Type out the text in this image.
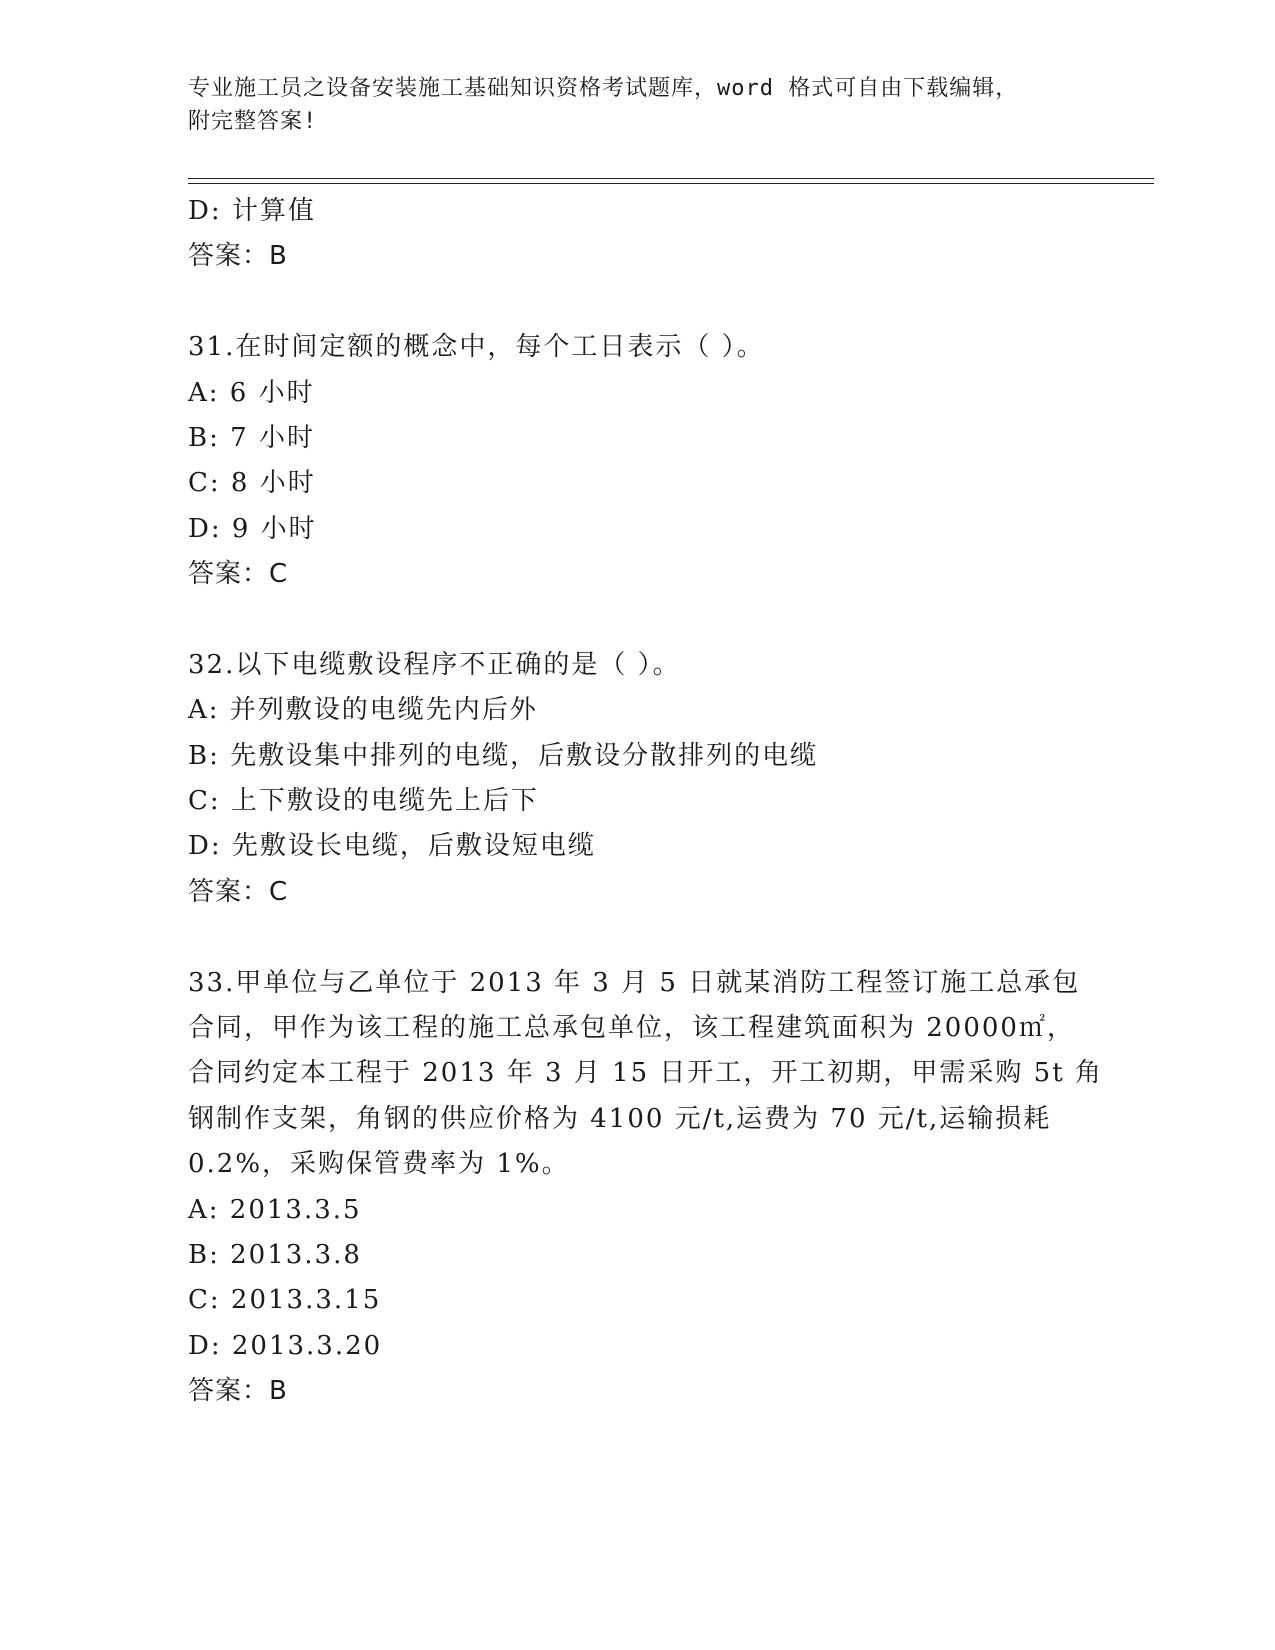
专业施工员之设备安装施工基础知识资格考试题库，word 格式可自由下载编辑，
附完整答案!
D: 计算值
答案：B
31.在时间定额的概念中，每个工日表示（ ）。
A: 6 小时
B: 7 小时
C: 8 小时
D: 9 小时
答案：C
32.以下电缆敷设程序不正确的是（ ）。
A: 并列敷设的电缆先内后外
B: 先敷设集中排列的电缆，后敷设分散排列的电缆
C: 上下敷设的电缆先上后下
D: 先敷设长电缆，后敷设短电缆
答案：C
33.甲单位与乙单位于 2013 年 3 月 5 日就某消防工程签订施工总承包
合同，甲作为该工程的施工总承包单位，该工程建筑面积为 20000㎡，
合同约定本工程于 2013 年 3 月 15 日开工，开工初期，甲需采购 5t 角
钢制作支架，角钢的供应价格为 4100 元/t,运费为 70 元/t,运输损耗
0.2%，采购保管费率为 1%。
A: 2013.3.5
B: 2013.3.8
C: 2013.3.15
D: 2013.3.20
答案：B
